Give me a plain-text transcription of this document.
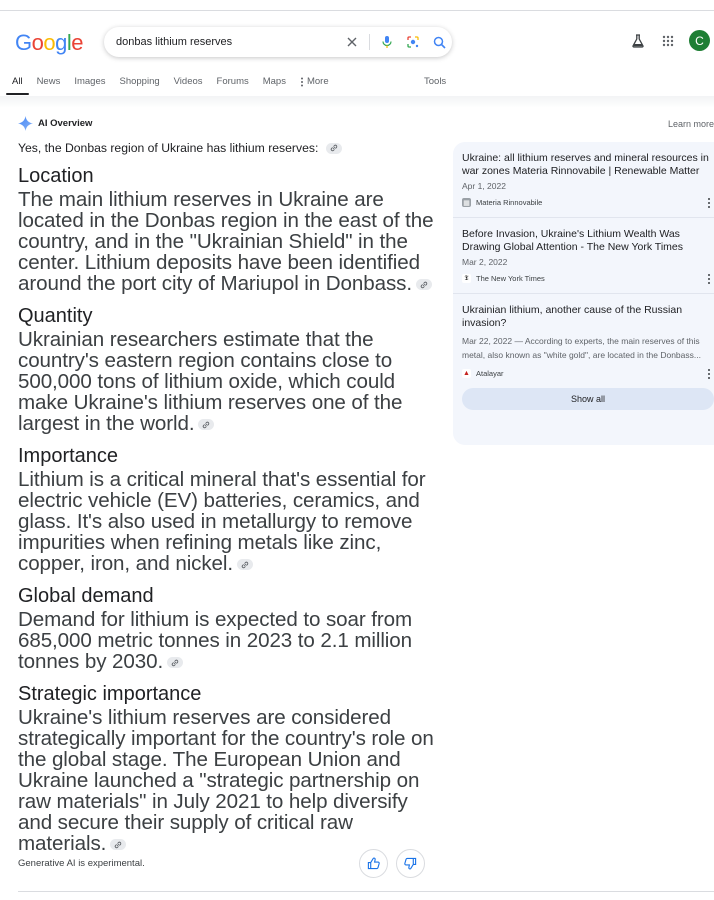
Google	donbas lithium reserves	C
All News Images Shopping Videos Forums Maps More	Tools
AI Overview	Learn more
Yes, the Donbas region of Ukraine has lithium reserves:
Location
The main lithium reserves in Ukraine are located in the Donbas region in the east of the country, and in the "Ukrainian Shield" in the center. Lithium deposits have been identified around the port city of Mariupol in Donbass.
Quantity
Ukrainian researchers estimate that the country's eastern region contains close to 500,000 tons of lithium oxide, which could make Ukraine's lithium reserves one of the largest in the world.
Importance
Lithium is a critical mineral that's essential for electric vehicle (EV) batteries, ceramics, and glass. It's also used in metallurgy to remove impurities when refining metals like zinc, copper, iron, and nickel.
Global demand
Demand for lithium is expected to soar from 685,000 metric tonnes in 2023 to 2.1 million tonnes by 2030.
Strategic importance
Ukraine's lithium reserves are considered strategically important for the country's role on the global stage. The European Union and Ukraine launched a "strategic partnership on raw materials" in July 2021 to help diversify and secure their supply of critical raw materials.
Generative AI is experimental.
Ukraine: all lithium reserves and mineral resources in war zones Materia Rinnovabile | Renewable Matter
Apr 1, 2022
▦ Materia Rinnovabile
Before Invasion, Ukraine's Lithium Wealth Was Drawing Global Attention - The New York Times
Mar 2, 2022
𝕿 The New York Times
Ukrainian lithium, another cause of the Russian invasion?
Mar 22, 2022 — According to experts, the main reserves of this metal, also known as "white gold", are located in the Donbass...
▲ Atalayar
Show all
